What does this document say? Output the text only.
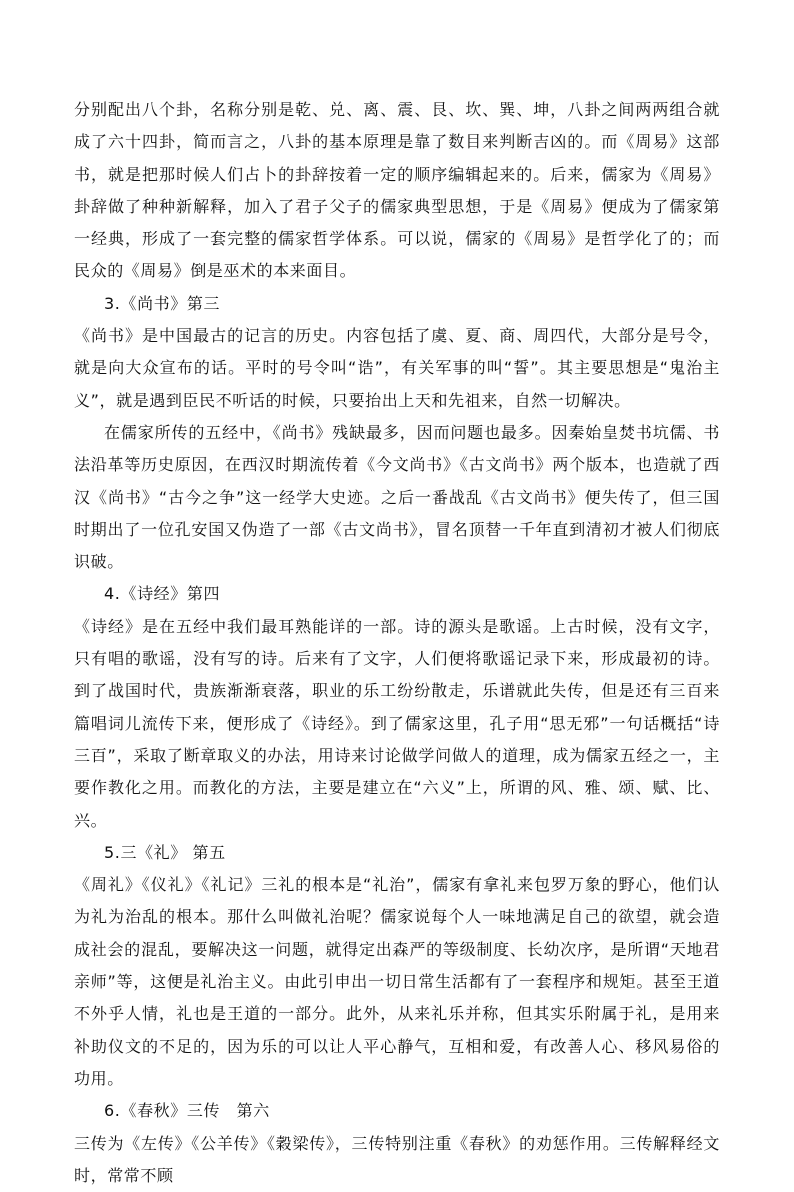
分别配出八个卦，名称分别是乾、兑、离、震、艮、坎、巽、坤，八卦之间两两组合就成了六十四卦，简而言之，八卦的基本原理是靠了数目来判断吉凶的。而《周易》这部书，就是把那时候人们占卜的卦辞按着一定的顺序编辑起来的。后来，儒家为《周易》卦辞做了种种新解释，加入了君子父子的儒家典型思想，于是《周易》便成为了儒家第一经典，形成了一套完整的儒家哲学体系。可以说，儒家的《周易》是哲学化了的；而民众的《周易》倒是巫术的本来面目。

3.《尚书》第三

《尚书》是中国最古的记言的历史。内容包括了虞、夏、商、周四代，大部分是号令，就是向大众宣布的话。平时的号令叫“诰”，有关军事的叫“誓”。其主要思想是“鬼治主义”，就是遇到臣民不听话的时候，只要抬出上天和先祖来，自然一切解决。

在儒家所传的五经中，《尚书》残缺最多，因而问题也最多。因秦始皇焚书坑儒、书法沿革等历史原因，在西汉时期流传着《今文尚书》《古文尚书》两个版本，也造就了西汉《尚书》“古今之争”这一经学大史迹。之后一番战乱《古文尚书》便失传了，但三国时期出了一位孔安国又伪造了一部《古文尚书》，冒名顶替一千年直到清初才被人们彻底识破。

4.《诗经》第四

《诗经》是在五经中我们最耳熟能详的一部。诗的源头是歌谣。上古时候，没有文字，只有唱的歌谣，没有写的诗。后来有了文字，人们便将歌谣记录下来，形成最初的诗。到了战国时代，贵族渐渐衰落，职业的乐工纷纷散走，乐谱就此失传，但是还有三百来篇唱词儿流传下来，便形成了《诗经》。到了儒家这里，孔子用“思无邪”一句话概括“诗三百”，采取了断章取义的办法，用诗来讨论做学问做人的道理，成为儒家五经之一，主要作教化之用。而教化的方法，主要是建立在“六义”上，所谓的风、雅、颂、赋、比、兴。

5.三《礼》 第五

《周礼》《仪礼》《礼记》三礼的根本是“礼治”，儒家有拿礼来包罗万象的野心，他们认为礼为治乱的根本。那什么叫做礼治呢？儒家说每个人一味地满足自己的欲望，就会造成社会的混乱，要解决这一问题，就得定出森严的等级制度、长幼次序，是所谓“天地君亲师”等，这便是礼治主义。由此引申出一切日常生活都有了一套程序和规矩。甚至王道不外乎人情，礼也是王道的一部分。此外，从来礼乐并称，但其实乐附属于礼，是用来补助仪文的不足的，因为乐的可以让人平心静气，互相和爱，有改善人心、移风易俗的功用。

6.《春秋》三传　第六

三传为《左传》《公羊传》《穀梁传》，三传特别注重《春秋》的劝惩作用。三传解释经文时，常常不顾
